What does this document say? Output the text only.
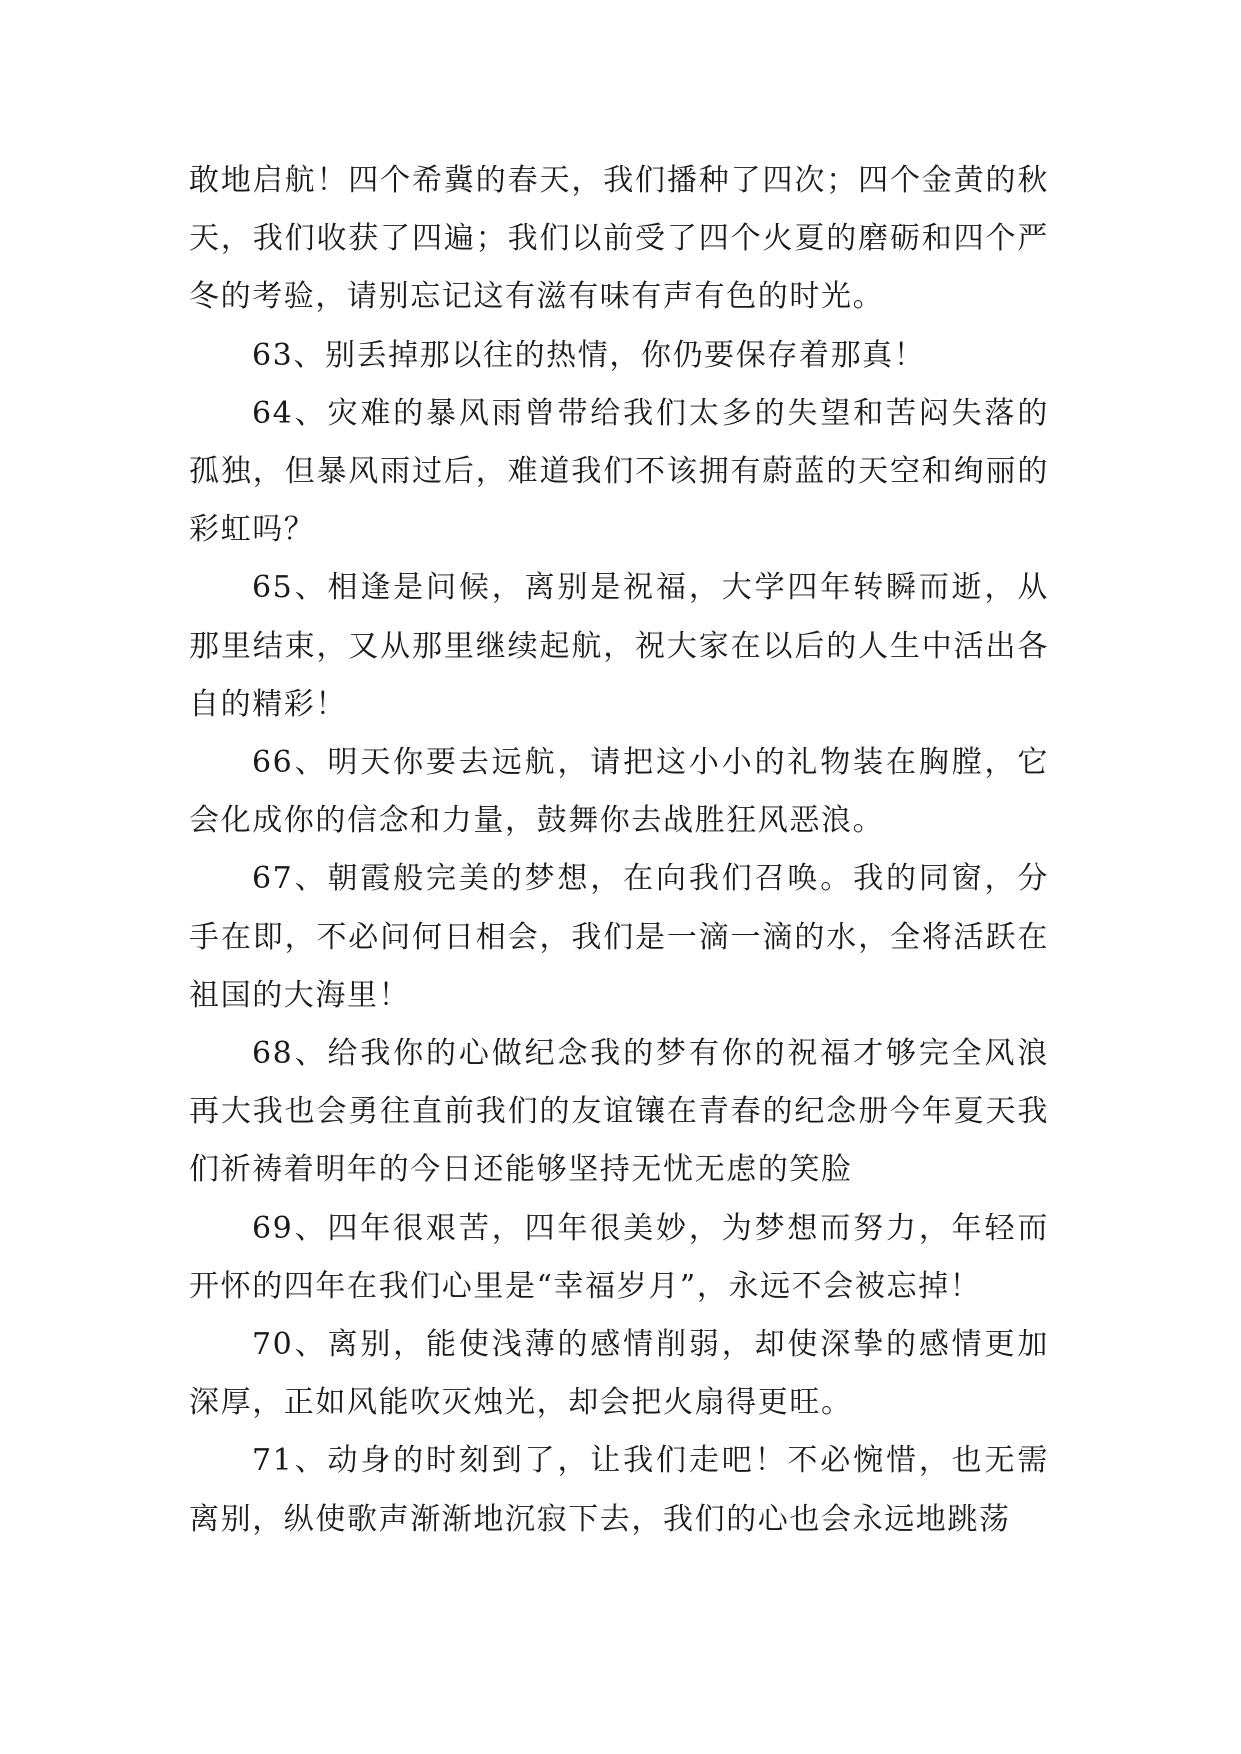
敢地启航！四个希冀的春天，我们播种了四次；四个金黄的秋天，我们收获了四遍；我们以前受了四个火夏的磨砺和四个严冬的考验，请别忘记这有滋有味有声有色的时光。

63、别丢掉那以往的热情，你仍要保存着那真！

64、灾难的暴风雨曾带给我们太多的失望和苦闷失落的孤独，但暴风雨过后，难道我们不该拥有蔚蓝的天空和绚丽的彩虹吗？

65、相逢是问候，离别是祝福，大学四年转瞬而逝，从那里结束，又从那里继续起航，祝大家在以后的人生中活出各自的精彩！

66、明天你要去远航，请把这小小的礼物装在胸膛，它会化成你的信念和力量，鼓舞你去战胜狂风恶浪。

67、朝霞般完美的梦想，在向我们召唤。我的同窗，分手在即，不必问何日相会，我们是一滴一滴的水，全将活跃在祖国的大海里！

68、给我你的心做纪念我的梦有你的祝福才够完全风浪再大我也会勇往直前我们的友谊镶在青春的纪念册今年夏天我们祈祷着明年的今日还能够坚持无忧无虑的笑脸

69、四年很艰苦，四年很美妙，为梦想而努力，年轻而开怀的四年在我们心里是“幸福岁月”，永远不会被忘掉！

70、离别，能使浅薄的感情削弱，却使深挚的感情更加深厚，正如风能吹灭烛光，却会把火扇得更旺。

71、动身的时刻到了，让我们走吧！不必惋惜，也无需离别，纵使歌声渐渐地沉寂下去，我们的心也会永远地跳荡
